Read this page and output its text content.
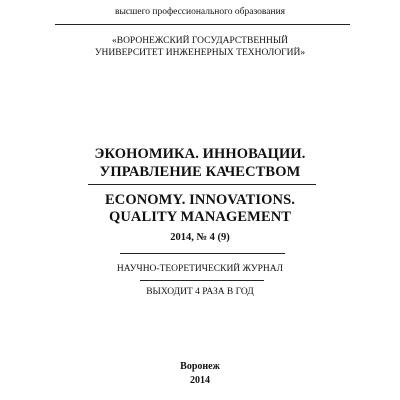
высшего профессионального образования
«ВОРОНЕЖСКИЙ ГОСУДАРСТВЕННЫЙ
УНИВЕРСИТЕТ ИНЖЕНЕРНЫХ ТЕХНОЛОГИЙ»
ЭКОНОМИКА. ИННОВАЦИИ.
УПРАВЛЕНИЕ КАЧЕСТВОМ
ECONOMY. INNOVATIONS.
QUALITY MANAGEMENT
2014, № 4 (9)
НАУЧНО-ТЕОРЕТИЧЕСКИЙ ЖУРНАЛ
ВЫХОДИТ 4 РАЗА В ГОД
Воронеж
2014
